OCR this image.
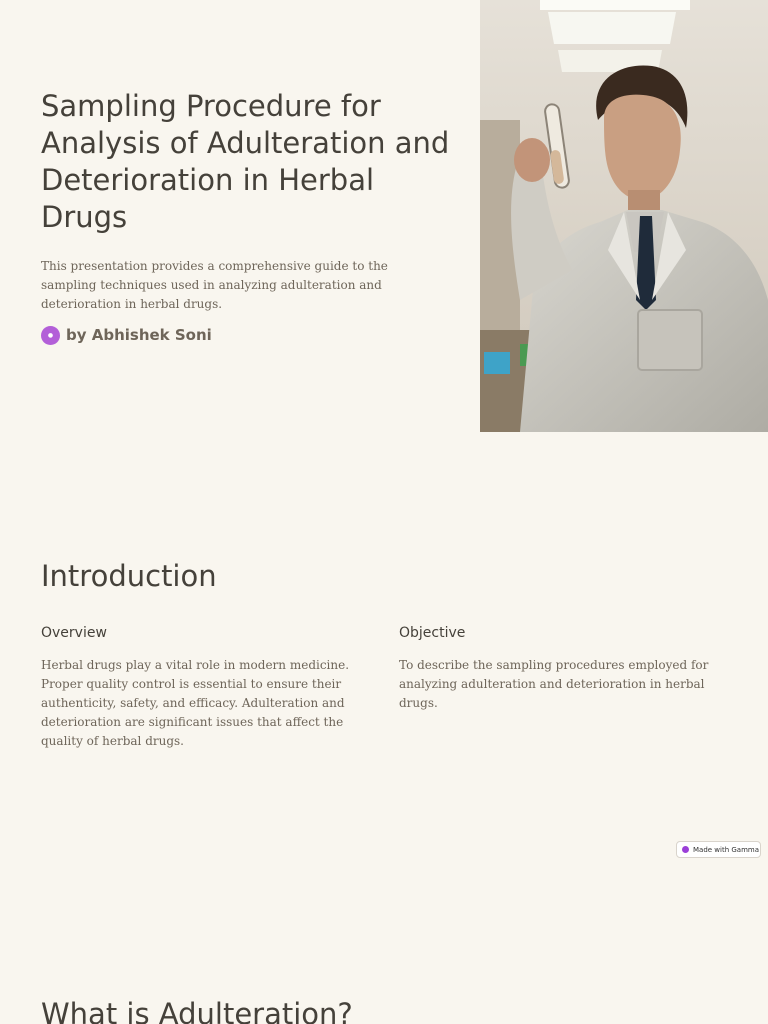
Sampling Procedure for Analysis of Adulteration and Deterioration in Herbal Drugs

This presentation provides a comprehensive guide to the sampling techniques used in analyzing adulteration and deterioration in herbal drugs.

● by Abhishek Soni
Introduction
Overview

Herbal drugs play a vital role in modern medicine. Proper quality control is essential to ensure their authenticity, safety, and efficacy. Adulteration and deterioration are significant issues that affect the quality of herbal drugs.

Objective

To describe the sampling procedures employed for analyzing adulteration and deterioration in herbal drugs.

Made with Gamma
What is Adulteration?
